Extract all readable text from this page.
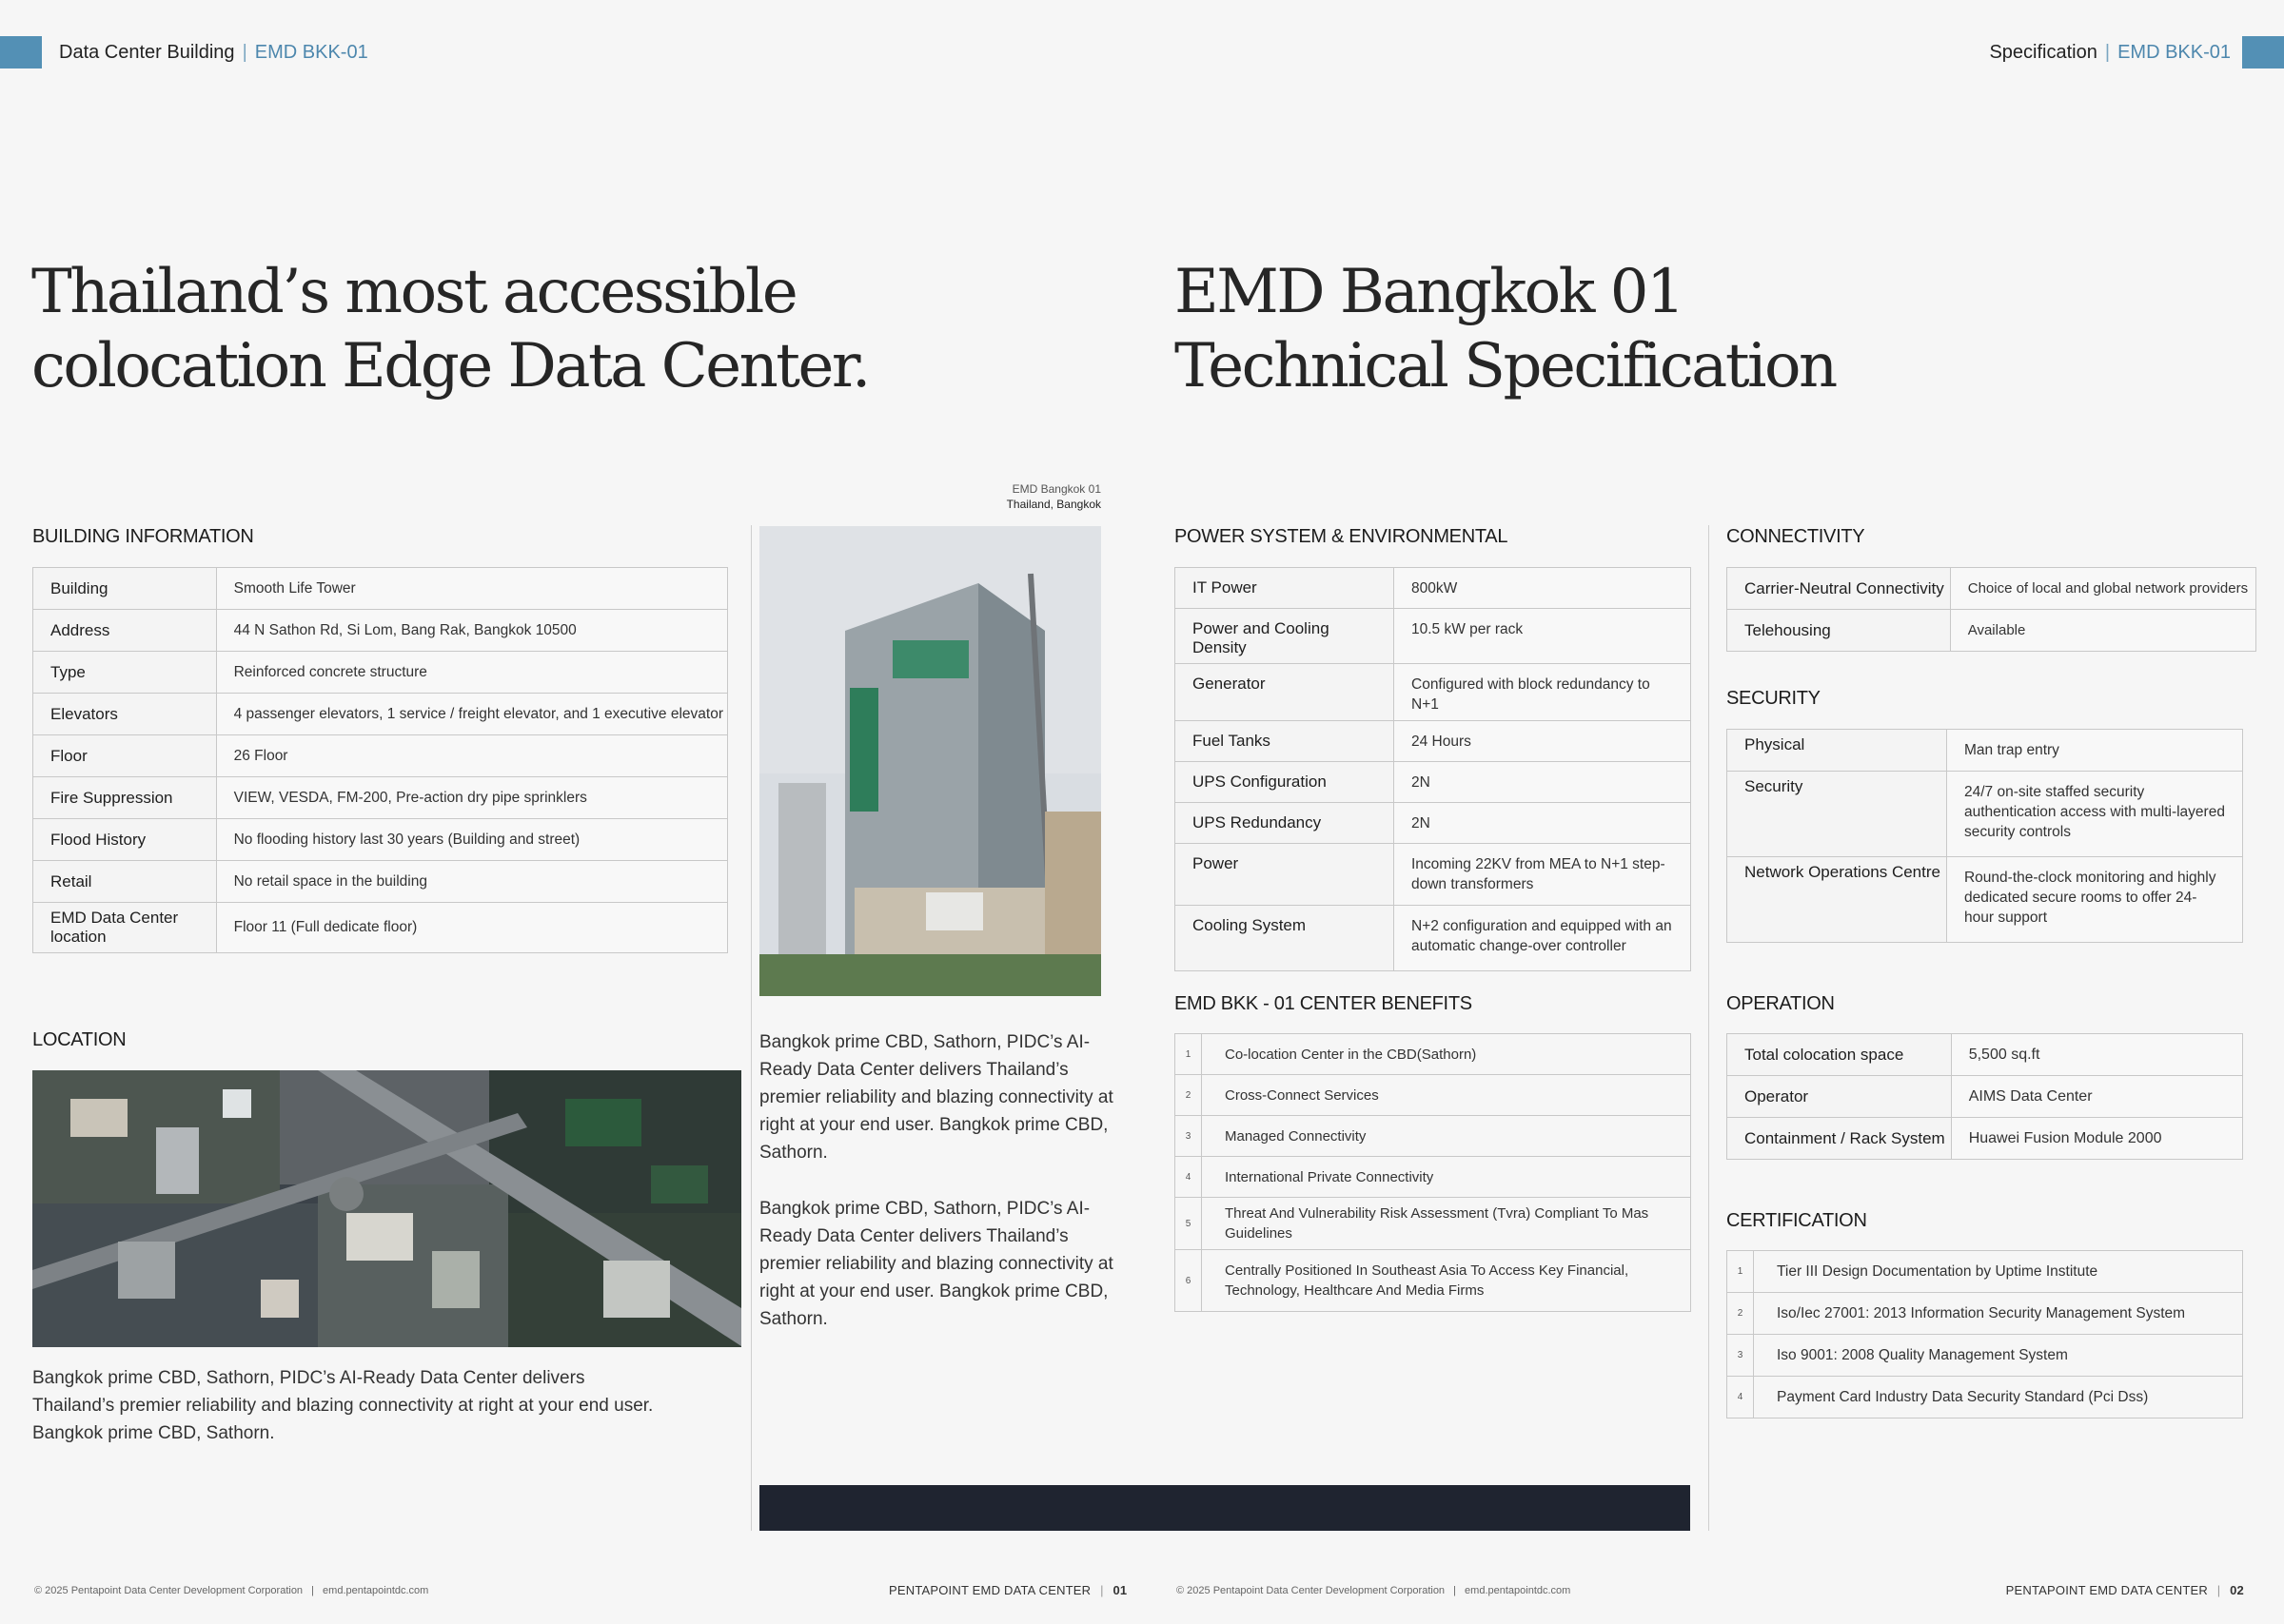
Data Center Building | EMD BKK-01	Specification | EMD BKK-01
Thailand’s most accessible
colocation Edge Data Center.
EMD Bangkok 01
Technical Specification
BUILDING INFORMATION
Building	Smooth Life Tower
Address	44 N Sathon Rd, Si Lom, Bang Rak, Bangkok 10500
Type	Reinforced concrete structure
Elevators	4 passenger elevators, 1 service / freight elevator, and 1 executive elevator
Floor	26 Floor
Fire Suppression	VIEW, VESDA, FM-200, Pre-action dry pipe sprinklers
Flood History	No flooding history last 30 years (Building and street)
Retail	No retail space in the building
EMD Data Center location	Floor 11 (Full dedicate floor)
LOCATION
Bangkok prime CBD, Sathorn, PIDC’s AI-Ready Data Center delivers
Thailand’s premier reliability and blazing connectivity at right at your end user.
Bangkok prime CBD, Sathorn.
EMD Bangkok 01
Thailand, Bangkok
Bangkok prime CBD, Sathorn, PIDC’s AI-
Ready Data Center delivers Thailand’s
premier reliability and blazing connectivity at
right at your end user. Bangkok prime CBD,
Sathorn.
Bangkok prime CBD, Sathorn, PIDC’s AI-
Ready Data Center delivers Thailand’s
premier reliability and blazing connectivity at
right at your end user. Bangkok prime CBD,
Sathorn.
POWER SYSTEM & ENVIRONMENTAL
IT Power	800kW
Power and Cooling Density	10.5 kW per rack
Generator	Configured with block redundancy to N+1
Fuel Tanks	24 Hours
UPS Configuration	2N
UPS Redundancy	2N
Power	Incoming 22KV from MEA to N+1 step-down transformers
Cooling System	N+2 configuration and equipped with an automatic change-over controller
EMD BKK - 01 CENTER BENEFITS
1	Co-location Center in the CBD(Sathorn)
2	Cross-Connect Services
3	Managed Connectivity
4	International Private Connectivity
5	Threat And Vulnerability Risk Assessment (Tvra) Compliant To Mas Guidelines
6	Centrally Positioned In Southeast Asia To Access Key Financial, Technology, Healthcare And Media Firms
CONNECTIVITY
Carrier-Neutral Connectivity	Choice of local and global network providers
Telehousing	Available
SECURITY
Physical	Man trap entry
Security	24/7 on-site staffed security authentication access with multi-layered security controls
Network Operations Centre	Round-the-clock monitoring and highly dedicated secure rooms to offer 24-hour support
OPERATION
Total colocation space	5,500 sq.ft
Operator	AIMS Data Center
Containment / Rack System	Huawei Fusion Module 2000
CERTIFICATION
1	Tier III Design Documentation by Uptime Institute
2	Iso/Iec 27001: 2013 Information Security Management System
3	Iso 9001: 2008 Quality Management System
4	Payment Card Industry Data Security Standard (Pci Dss)
© 2025 Pentapoint Data Center Development Corporation | emd.pentapointdc.com	PENTAPOINT EMD DATA CENTER | 01	© 2025 Pentapoint Data Center Development Corporation | emd.pentapointdc.com	PENTAPOINT EMD DATA CENTER | 02
